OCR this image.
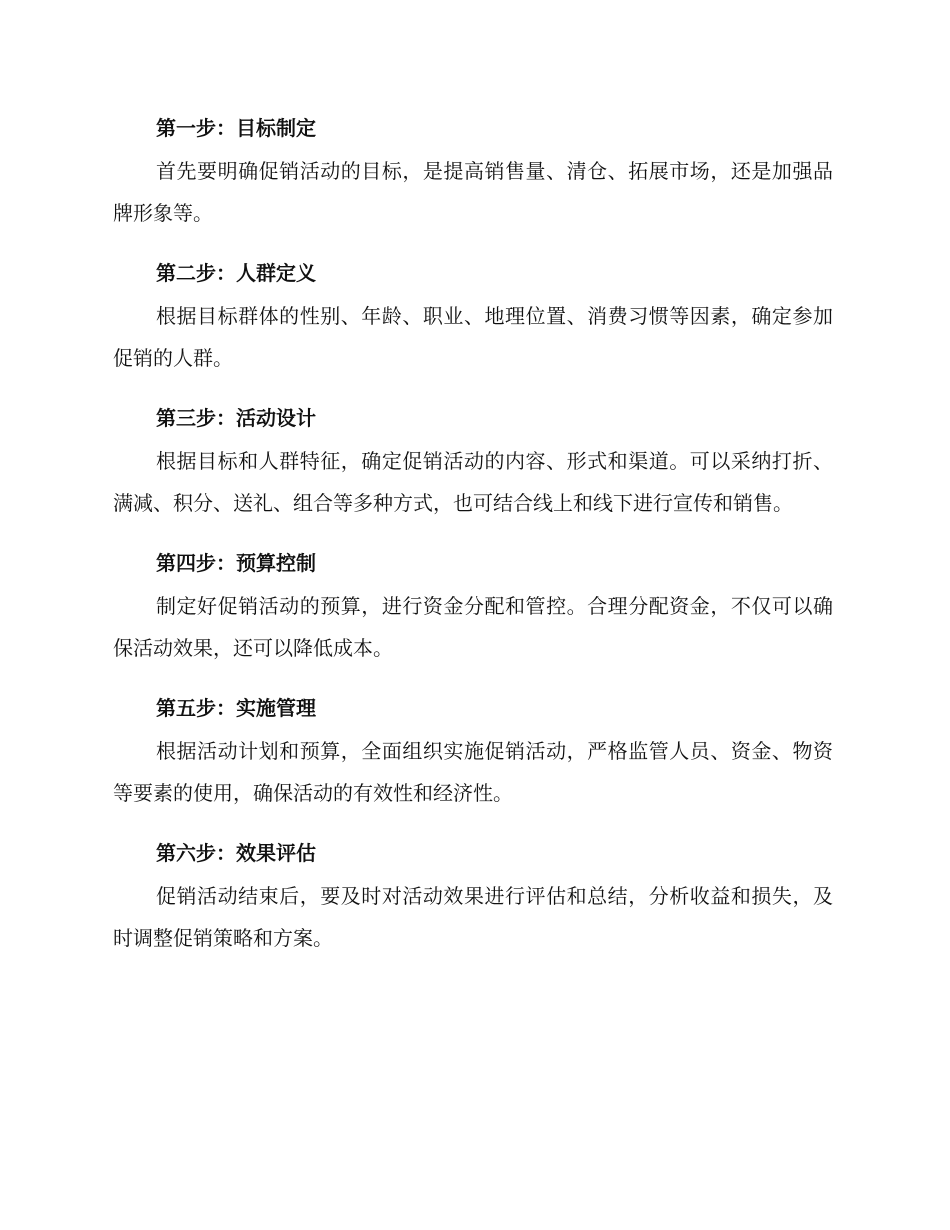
第一步：目标制定

首先要明确促销活动的目标，是提高销售量、清仓、拓展市场，还是加强品牌形象等。

第二步：人群定义

根据目标群体的性别、年龄、职业、地理位置、消费习惯等因素，确定参加促销的人群。

第三步：活动设计

根据目标和人群特征，确定促销活动的内容、形式和渠道。可以采纳打折、满减、积分、送礼、组合等多种方式，也可结合线上和线下进行宣传和销售。

第四步：预算控制

制定好促销活动的预算，进行资金分配和管控。合理分配资金，不仅可以确保活动效果，还可以降低成本。

第五步：实施管理

根据活动计划和预算，全面组织实施促销活动，严格监管人员、资金、物资等要素的使用，确保活动的有效性和经济性。

第六步：效果评估

促销活动结束后，要及时对活动效果进行评估和总结，分析收益和损失，及时调整促销策略和方案。
